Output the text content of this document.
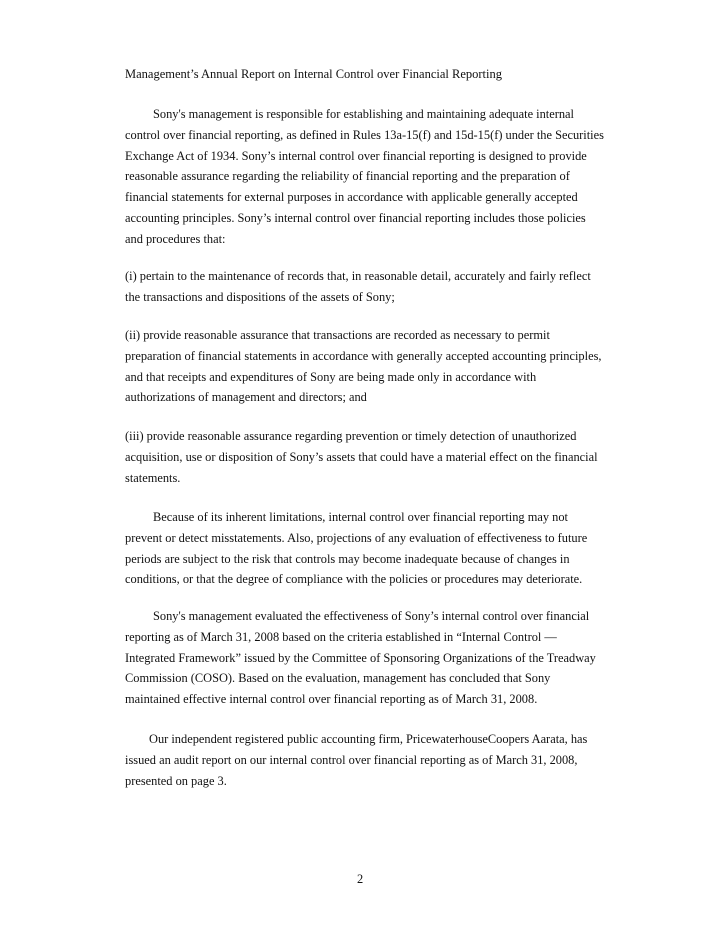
Management’s Annual Report on Internal Control over Financial Reporting
Sony's management is responsible for establishing and maintaining adequate internal
control over financial reporting, as defined in Rules 13a-15(f) and 15d-15(f) under the Securities
Exchange Act of 1934. Sony’s internal control over financial reporting is designed to provide
reasonable assurance regarding the reliability of financial reporting and the preparation of
financial statements for external purposes in accordance with applicable generally accepted
accounting principles. Sony’s internal control over financial reporting includes those policies
and procedures that:
(i) pertain to the maintenance of records that, in reasonable detail, accurately and fairly reflect
the transactions and dispositions of the assets of Sony;
(ii) provide reasonable assurance that transactions are recorded as necessary to permit
preparation of financial statements in accordance with generally accepted accounting principles,
and that receipts and expenditures of Sony are being made only in accordance with
authorizations of management and directors; and
(iii) provide reasonable assurance regarding prevention or timely detection of unauthorized
acquisition, use or disposition of Sony’s assets that could have a material effect on the financial
statements.
Because of its inherent limitations, internal control over financial reporting may not
prevent or detect misstatements. Also, projections of any evaluation of effectiveness to future
periods are subject to the risk that controls may become inadequate because of changes in
conditions, or that the degree of compliance with the policies or procedures may deteriorate.
Sony's management evaluated the effectiveness of Sony’s internal control over financial
reporting as of March 31, 2008 based on the criteria established in “Internal Control —
Integrated Framework” issued by the Committee of Sponsoring Organizations of the Treadway
Commission (COSO). Based on the evaluation, management has concluded that Sony
maintained effective internal control over financial reporting as of March 31, 2008.
Our independent registered public accounting firm, PricewaterhouseCoopers Aarata, has
issued an audit report on our internal control over financial reporting as of March 31, 2008,
presented on page 3.
2
